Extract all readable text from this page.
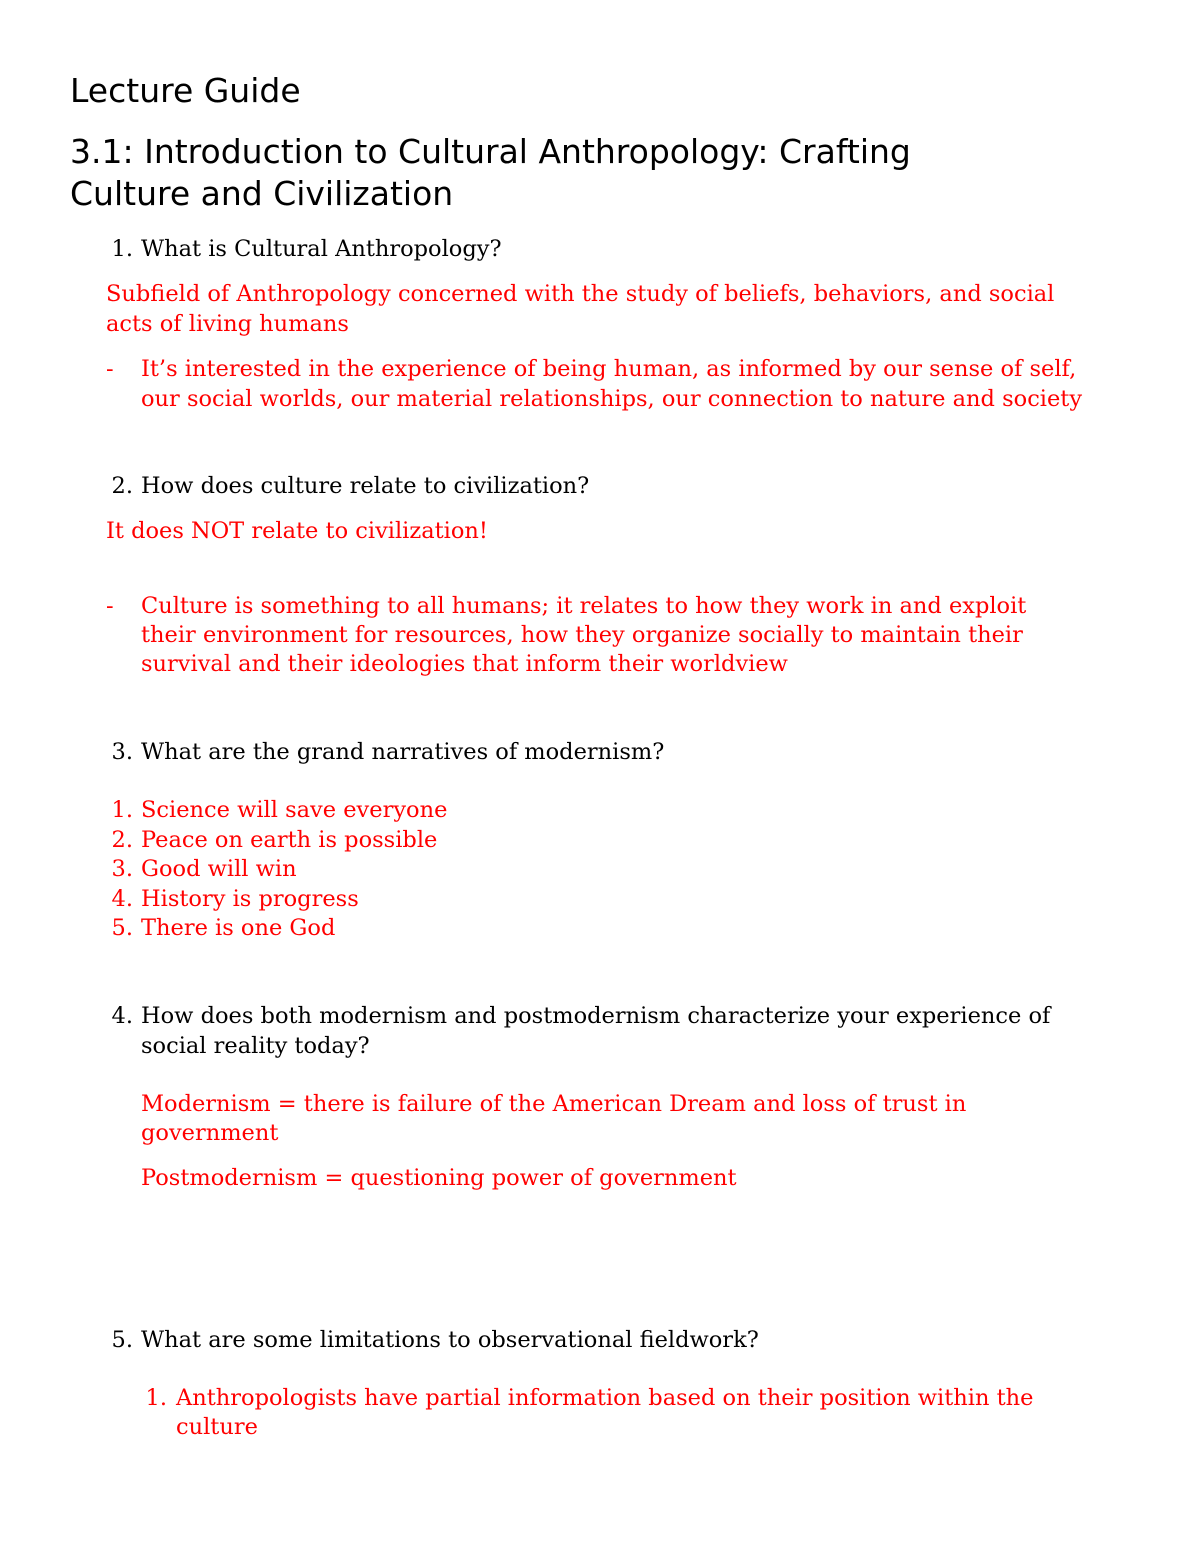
Lecture Guide
3.1: Introduction to Cultural Anthropology: Crafting
Culture and Civilization
1. What is Cultural Anthropology?
Subfield of Anthropology concerned with the study of beliefs, behaviors, and social
acts of living humans
- It’s interested in the experience of being human, as informed by our sense of self,
our social worlds, our material relationships, our connection to nature and society
2. How does culture relate to civilization?
It does NOT relate to civilization!
- Culture is something to all humans; it relates to how they work in and exploit
their environment for resources, how they organize socially to maintain their
survival and their ideologies that inform their worldview
3. What are the grand narratives of modernism?
1. Science will save everyone
2. Peace on earth is possible
3. Good will win
4. History is progress
5. There is one God
4. How does both modernism and postmodernism characterize your experience of
social reality today?
Modernism = there is failure of the American Dream and loss of trust in
government
Postmodernism = questioning power of government
5. What are some limitations to observational fieldwork?
1. Anthropologists have partial information based on their position within the
culture
